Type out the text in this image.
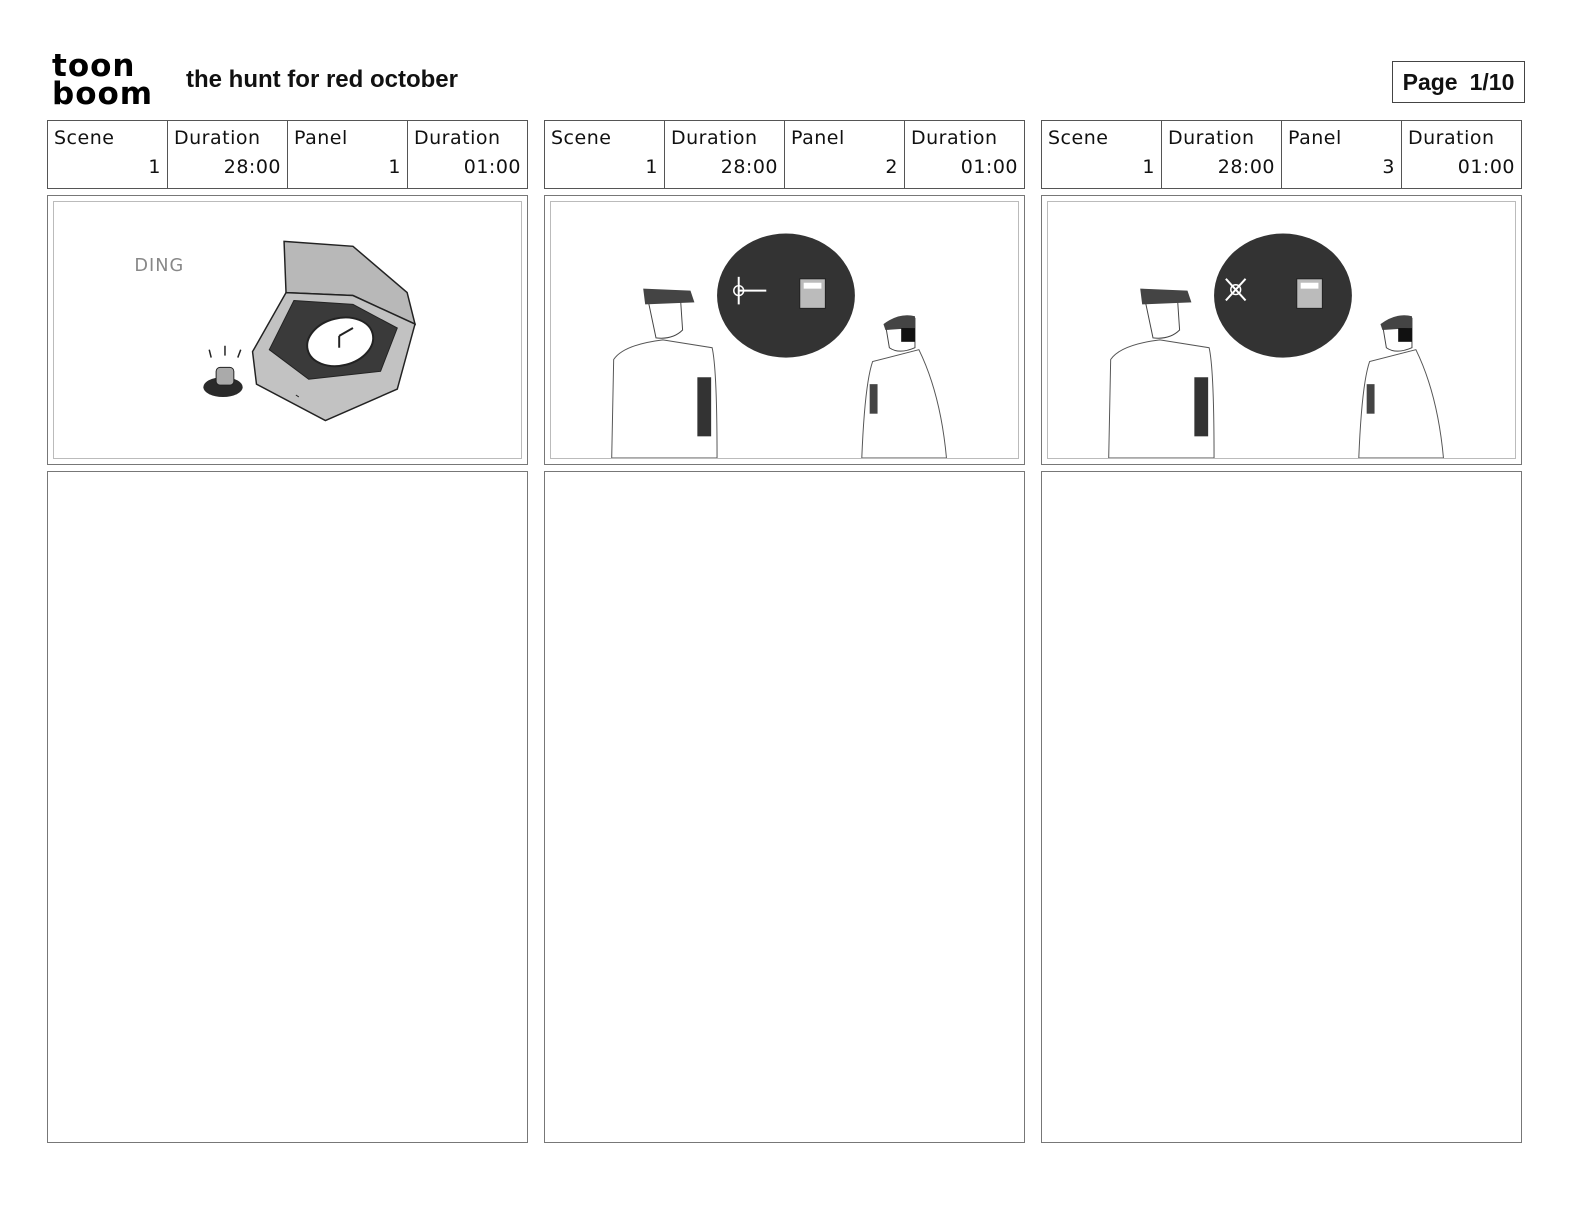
toon
boom	the hunt for red october	Page 1/10
Scene
1
Duration
28:00
Panel
1
Duration
01:00
DING
Scene
1
Duration
28:00
Panel
2
Duration
01:00
Scene
1
Duration
28:00
Panel
3
Duration
01:00
